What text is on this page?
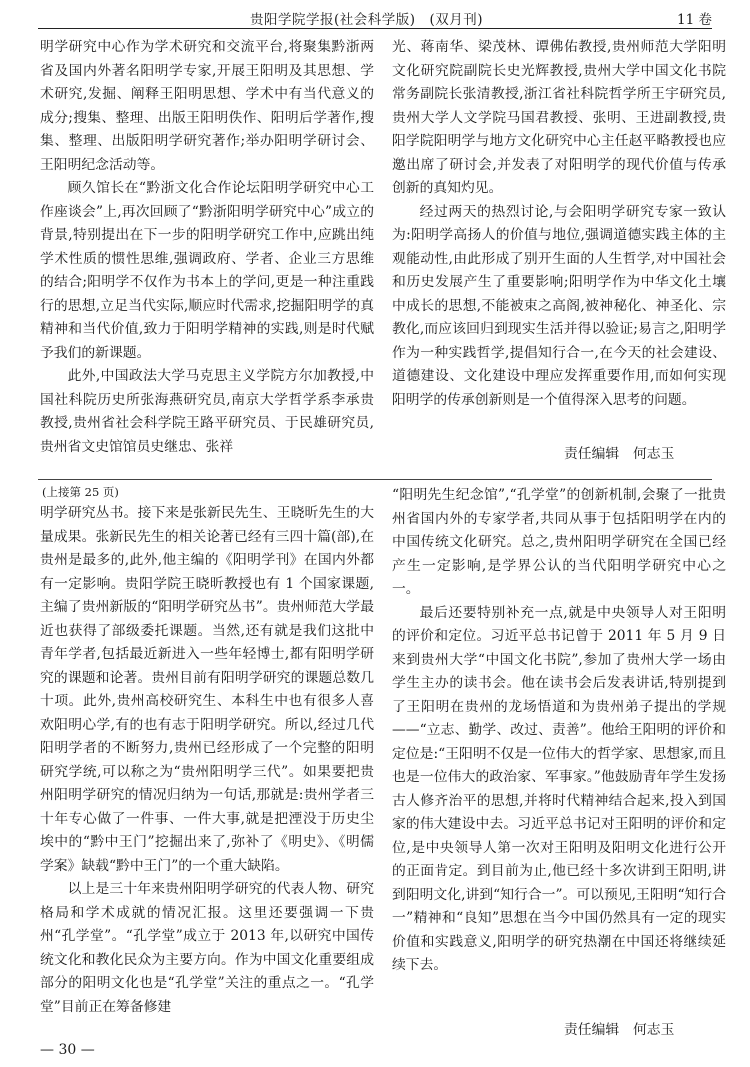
贵阳学院学报(社会科学版)　(双月刊)	11 卷

明学研究中心作为学术研究和交流平台,将聚集黔浙两省及国内外著名阳明学专家,开展王阳明及其思想、学术研究,发掘、阐释王阳明思想、学术中有当代意义的成分;搜集、整理、出版王阳明佚作、阳明后学著作,搜集、整理、出版阳明学研究著作;举办阳明学研讨会、王阳明纪念活动等。

顾久馆长在“黔浙文化合作论坛阳明学研究中心工作座谈会”上,再次回顾了“黔浙阳明学研究中心”成立的背景,特别提出在下一步的阳明学研究工作中,应跳出纯学术性质的惯性思维,强调政府、学者、企业三方思维的结合;阳明学不仅作为书本上的学问,更是一种注重践行的思想,立足当代实际,顺应时代需求,挖掘阳明学的真精神和当代价值,致力于阳明学精神的实践,则是时代赋予我们的新课题。

此外,中国政法大学马克思主义学院方尔加教授,中国社科院历史所张海燕研究员,南京大学哲学系李承贵教授,贵州省社会科学院王路平研究员、于民雄研究员,贵州省文史馆馆员史继忠、张祥

光、蒋南华、梁茂林、谭佛佑教授,贵州师范大学阳明文化研究院副院长史光辉教授,贵州大学中国文化书院常务副院长张清教授,浙江省社科院哲学所王宇研究员,贵州大学人文学院马国君教授、张明、王进副教授,贵阳学院阳明学与地方文化研究中心主任赵平略教授也应邀出席了研讨会,并发表了对阳明学的现代价值与传承创新的真知灼见。

经过两天的热烈讨论,与会阳明学研究专家一致认为:阳明学高扬人的价值与地位,强调道德实践主体的主观能动性,由此形成了别开生面的人生哲学,对中国社会和历史发展产生了重要影响;阳明学作为中华文化土壤中成长的思想,不能被束之高阁,被神秘化、神圣化、宗教化,而应该回归到现实生活并得以验证;易言之,阳明学作为一种实践哲学,提倡知行合一,在今天的社会建设、道德建设、文化建设中理应发挥重要作用,而如何实现阳明学的传承创新则是一个值得深入思考的问题。

责任编辑　何志玉
(上接第 25 页)

明学研究丛书。接下来是张新民先生、王晓昕先生的大量成果。张新民先生的相关论著已经有三四十篇(部),在贵州是最多的,此外,他主编的《阳明学刊》在国内外都有一定影响。贵阳学院王晓昕教授也有 1 个国家课题,主编了贵州新版的“阳明学研究丛书”。贵州师范大学最近也获得了部级委托课题。当然,还有就是我们这批中青年学者,包括最近新进入一些年轻博士,都有阳明学研究的课题和论著。贵州目前有阳明学研究的课题总数几十项。此外,贵州高校研究生、本科生中也有很多人喜欢阳明心学,有的也有志于阳明学研究。所以,经过几代阳明学者的不断努力,贵州已经形成了一个完整的阳明研究学统,可以称之为“贵州阳明学三代”。如果要把贵州阳明学研究的情况归纳为一句话,那就是:贵州学者三十年专心做了一件事、一件大事,就是把湮没于历史尘埃中的“黔中王门”挖掘出来了,弥补了《明史》、《明儒学案》缺载“黔中王门”的一个重大缺陷。

以上是三十年来贵州阳明学研究的代表人物、研究格局和学术成就的情况汇报。这里还要强调一下贵州“孔学堂”。“孔学堂”成立于 2013 年,以研究中国传统文化和教化民众为主要方向。作为中国文化重要组成部分的阳明文化也是“孔学堂”关注的重点之一。“孔学堂”目前正在筹备修建

“阳明先生纪念馆”,“孔学堂”的创新机制,会聚了一批贵州省国内外的专家学者,共同从事于包括阳明学在内的中国传统文化研究。总之,贵州阳明学研究在全国已经产生一定影响,是学界公认的当代阳明学研究中心之一。

最后还要特别补充一点,就是中央领导人对王阳明的评价和定位。习近平总书记曾于 2011 年 5 月 9 日来到贵州大学“中国文化书院”,参加了贵州大学一场由学生主办的读书会。他在读书会后发表讲话,特别提到了王阳明在贵州的龙场悟道和为贵州弟子提出的学规——“立志、勤学、改过、责善”。他给王阳明的评价和定位是:“王阳明不仅是一位伟大的哲学家、思想家,而且也是一位伟大的政治家、军事家。”他鼓励青年学生发扬古人修齐治平的思想,并将时代精神结合起来,投入到国家的伟大建设中去。习近平总书记对王阳明的评价和定位,是中央领导人第一次对王阳明及阳明文化进行公开的正面肯定。到目前为止,他已经十多次讲到王阳明,讲到阳明文化,讲到“知行合一”。可以预见,王阳明“知行合一”精神和“良知”思想在当今中国仍然具有一定的现实价值和实践意义,阳明学的研究热潮在中国还将继续延续下去。

责任编辑　何志玉
— 30 —
